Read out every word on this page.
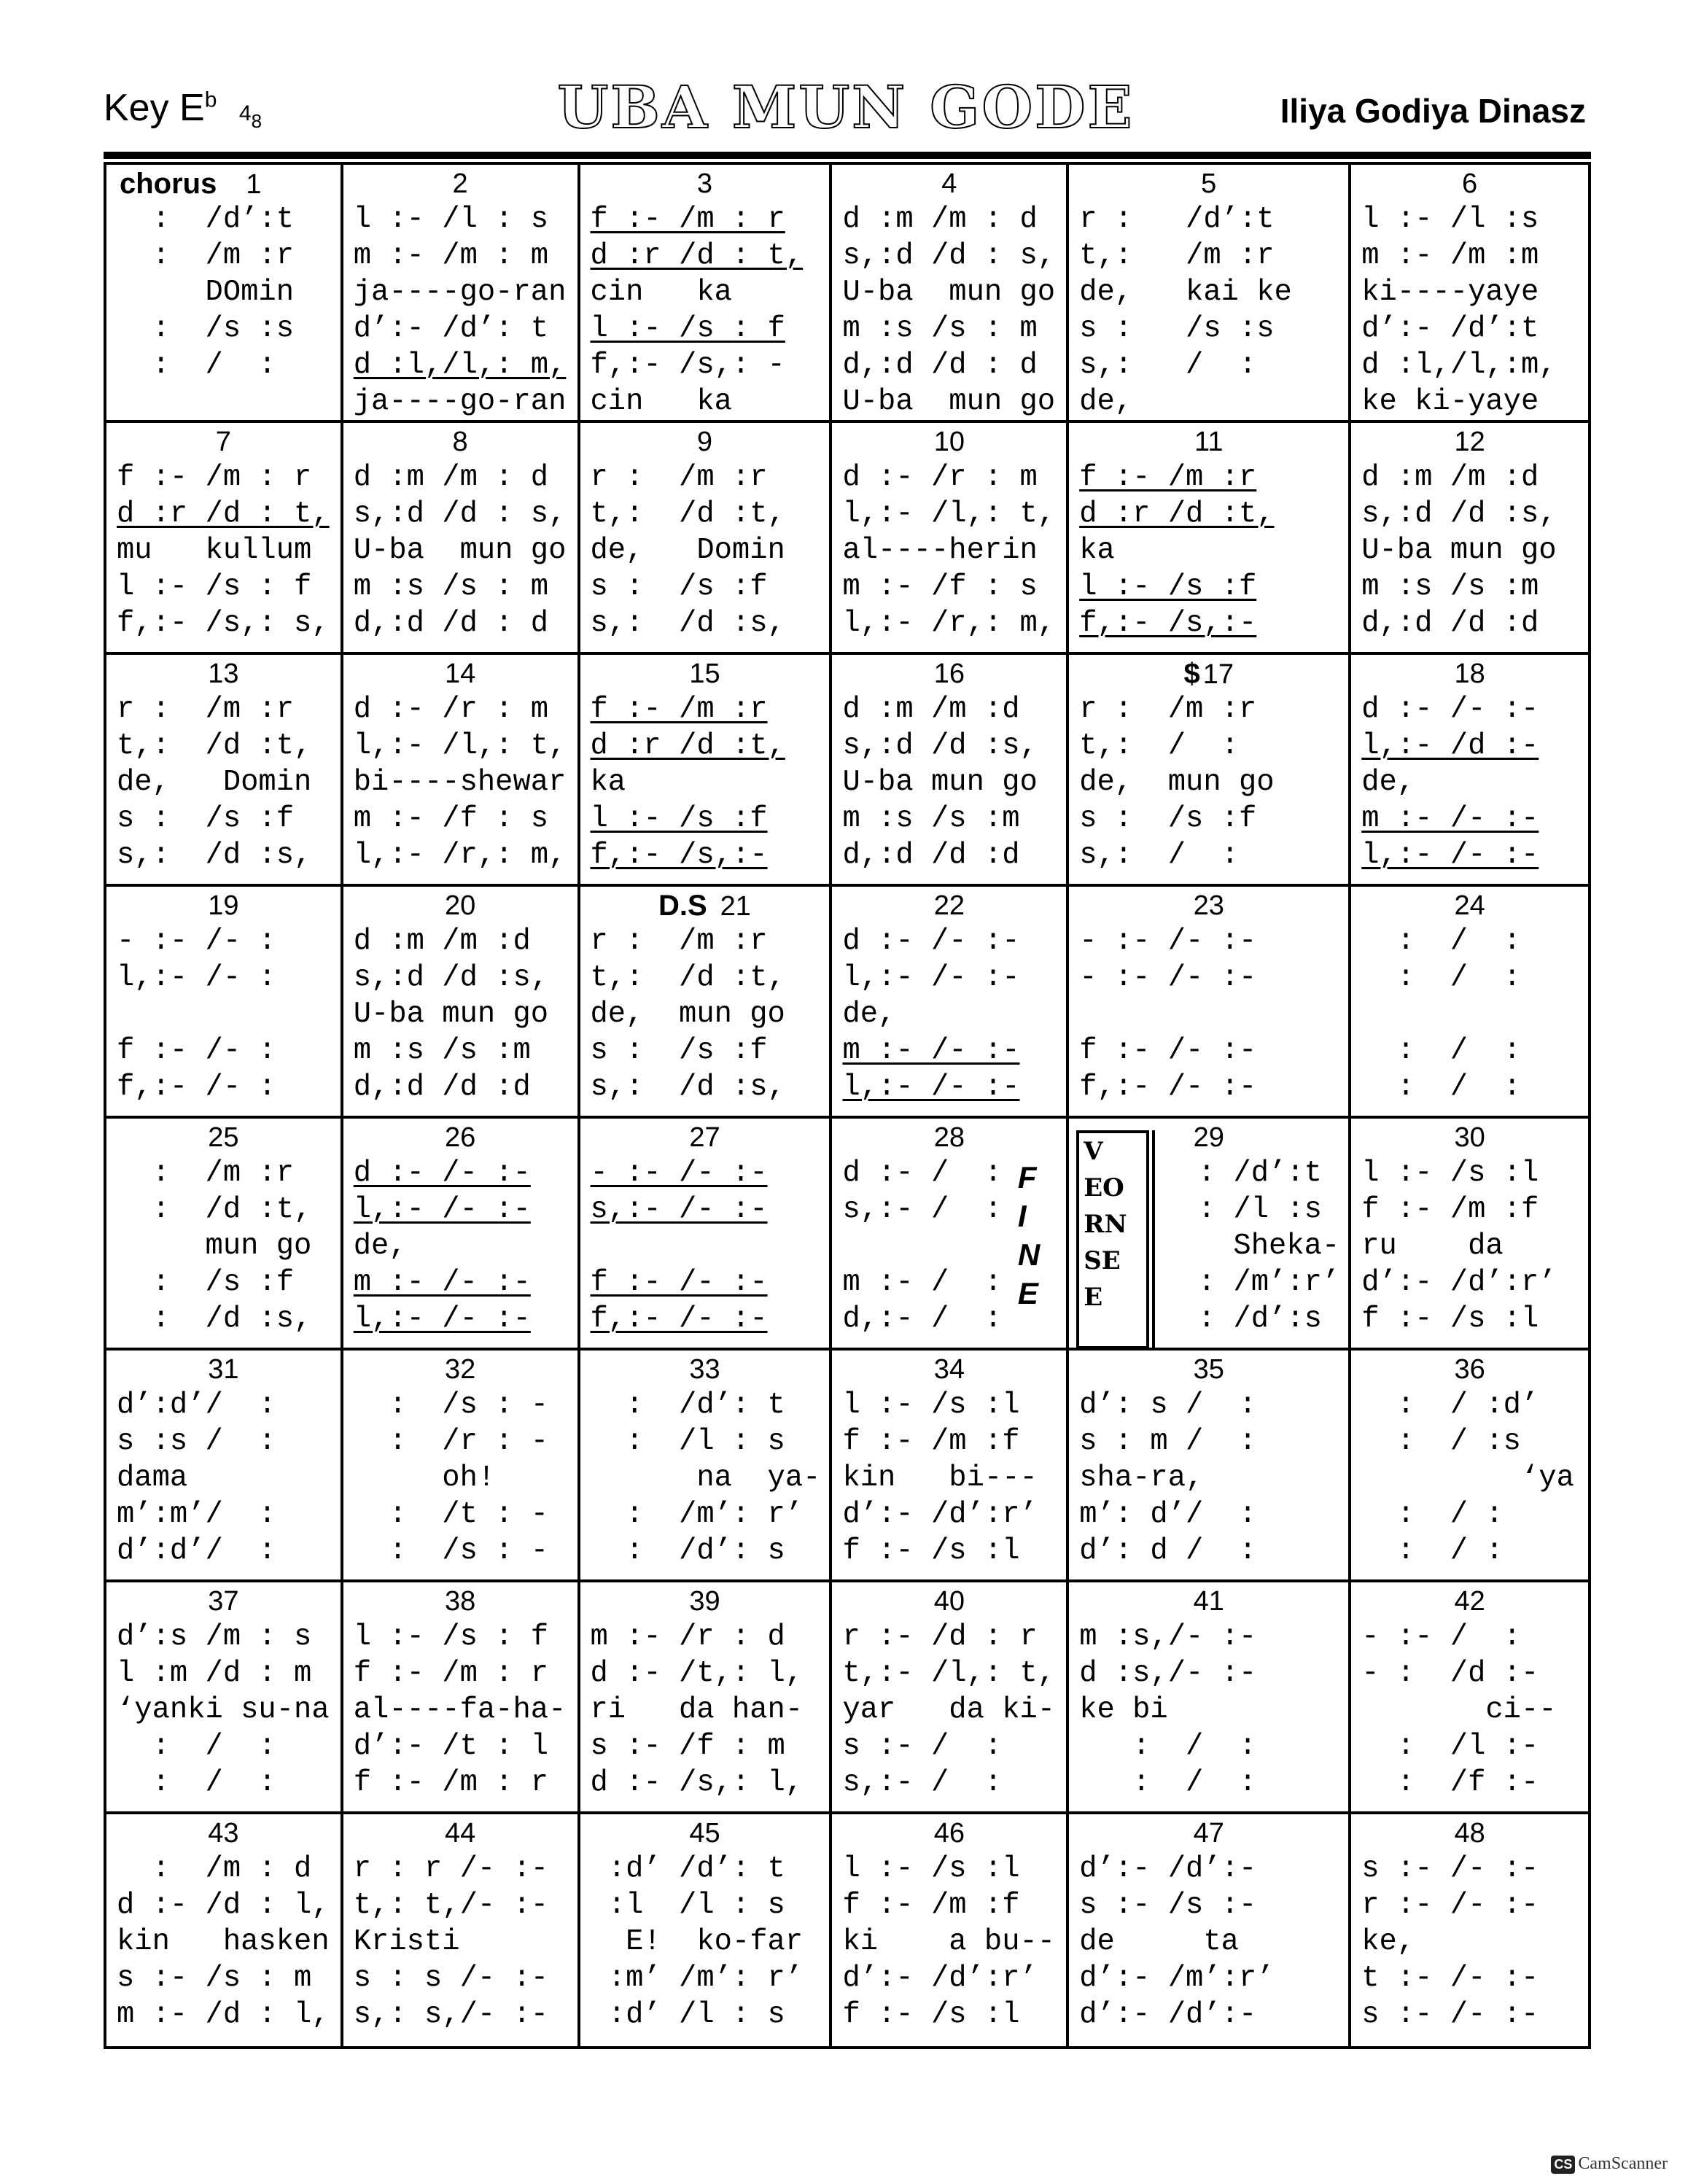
Key $E^b$ $4_8$	UBA MUN GODE	Iliya Godiya Dinasz
chorus 1
:  /d’:t
:  /m :r
DOmin
:  /s :s
:  /  :
2
l :- /l : s
m :- /m : m
ja----go-ran
d’:- /d’: t
d :l,/l,: m,
ja----go-ran
3
f :- /m : r
d :r /d : t,
cin   ka
l :- /s : f
f,:- /s,: -
cin   ka
4
d :m /m : d
s,:d /d : s,
U-ba  mun go
m :s /s : m
d,:d /d : d
U-ba  mun go
5
r :   /d’:t
t,:   /m :r
de,   kai ke
s :   /s :s
s,:   /  :
de,
6
l :- /l :s
m :- /m :m
ki----yaye
d’:- /d’:t
d :l,/l,:m,
ke ki-yaye
7
f :- /m : r
d :r /d : t,
mu   kullum
l :- /s : f
f,:- /s,: s,
8
d :m /m : d
s,:d /d : s,
U-ba  mun go
m :s /s : m
d,:d /d : d
9
r :  /m :r
t,:  /d :t,
de,   Domin
s :  /s :f
s,:  /d :s,
10
d :- /r : m
l,:- /l,: t,
al----herin
m :- /f : s
l,:- /r,: m,
11
f :- /m :r
d :r /d :t,
ka
l :- /s :f
f,:- /s,:-
12
d :m /m :d
s,:d /d :s,
U-ba mun go
m :s /s :m
d,:d /d :d
13
r :  /m :r
t,:  /d :t,
de,   Domin
s :  /s :f
s,:  /d :s,
14
d :- /r : m
l,:- /l,: t,
bi----shewar
m :- /f : s
l,:- /r,: m,
15
f :- /m :r
d :r /d :t,
ka
l :- /s :f
f,:- /s,:-
16
d :m /m :d
s,:d /d :s,
U-ba mun go
m :s /s :m
d,:d /d :d
$ 17
r :  /m :r
t,:  /  :
de,  mun go
s :  /s :f
s,:  /  :
18
d :- /- :-
l,:- /d :-
de,
m :- /- :-
l,:- /- :-
19
- :- /- :
l,:- /- :
f :- /- :
f,:- /- :
20
d :m /m :d
s,:d /d :s,
U-ba mun go
m :s /s :m
d,:d /d :d
D.S 21
r :  /m :r
t,:  /d :t,
de,  mun go
s :  /s :f
s,:  /d :s,
22
d :- /- :-
l,:- /- :-
de,
m :- /- :-
l,:- /- :-
23
- :- /- :-
- :- /- :-
f :- /- :-
f,:- /- :-
24
:  /  :
:  /  :
:  /  :
:  /  :
25
:  /m :r
:  /d :t,
mun go
:  /s :f
:  /d :s,
26
d :- /- :-
l,:- /- :-
de,
m :- /- :-
l,:- /- :-
27
- :- /- :-
s,:- /- :-
f :- /- :-
f,:- /- :-
28
d :- /  :
s,:- /  :
m :- /  :
d,:- /  :
F
I
N
E
29
: /d’:t
: /l :s
Sheka-
: /m’:r’
: /d’:s
V
EO
RN
SE
E
30
l :- /s :l
f :- /m :f
ru    da
d’:- /d’:r’
f :- /s :l
31
d’:d’/  :
s :s /  :
dama
m’:m’/  :
d’:d’/  :
32
:  /s : -
:  /r : -
oh!
:  /t : -
:  /s : -
33
:  /d’: t
:  /l : s
na  ya-
:  /m’: r’
:  /d’: s
34
l :- /s :l
f :- /m :f
kin   bi---
d’:- /d’:r’
f :- /s :l
35
d’: s /  :
s : m /  :
sha-ra,
m’: d’/  :
d’: d /  :
36
:  / :d’
:  / :s
‘ya
:  / :
:  / :
37
d’:s /m : s
l :m /d : m
‘yanki su-na
:  /  :
:  /  :
38
l :- /s : f
f :- /m : r
al----fa-ha-
d’:- /t : l
f :- /m : r
39
m :- /r : d
d :- /t,: l,
ri   da han-
s :- /f : m
d :- /s,: l,
40
r :- /d : r
t,:- /l,: t,
yar   da ki-
s :- /  :
s,:- /  :
41
m :s,/- :-
d :s,/- :-
ke bi
:  /  :
:  /  :
42
- :- /  :
- :  /d :-
ci--
:  /l :-
:  /f :-
43
:  /m : d
d :- /d : l,
kin   hasken
s :- /s : m
m :- /d : l,
44
r : r /- :-
t,: t,/- :-
Kristi
s : s /- :-
s,: s,/- :-
45
:d’ /d’: t
:l  /l : s
E!  ko-far
:m’ /m’: r’
:d’ /l : s
46
l :- /s :l
f :- /m :f
ki    a bu--
d’:- /d’:r’
f :- /s :l
47
d’:- /d’:-
s :- /s :-
de     ta
d’:- /m’:r’
d’:- /d’:-
48
s :- /- :-
r :- /- :-
ke,
t :- /- :-
s :- /- :-
CS CamScanner
